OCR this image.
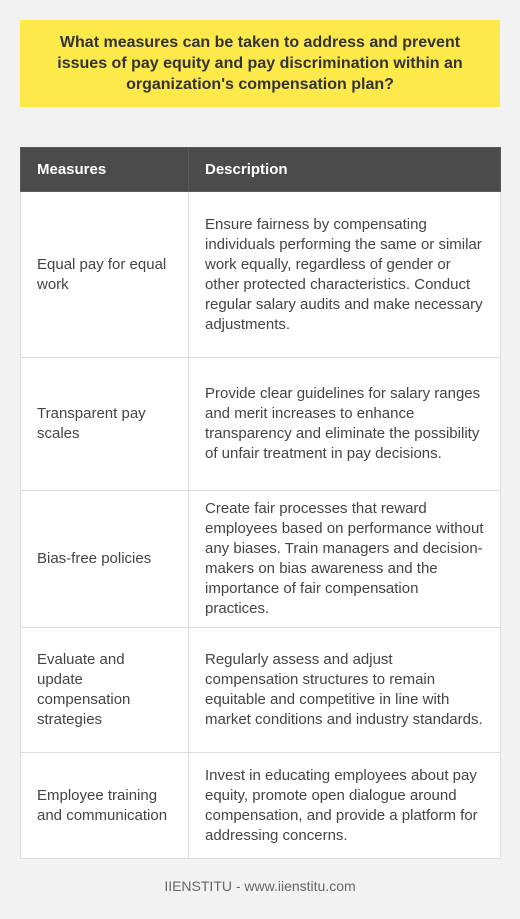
What measures can be taken to address and prevent issues of pay equity and pay discrimination within an organization's compensation plan?
Measures	Description
Equal pay for equal work	Ensure fairness by compensating individuals performing the same or similar work equally, regardless of gender or other protected characteristics. Conduct regular salary audits and make necessary adjustments.
Transparent pay scales	Provide clear guidelines for salary ranges and merit increases to enhance transparency and eliminate the possibility of unfair treatment in pay decisions.
Bias-free policies	Create fair processes that reward employees based on performance without any biases. Train managers and decision-makers on bias awareness and the importance of fair compensation practices.
Evaluate and update compensation strategies	Regularly assess and adjust compensation structures to remain equitable and competitive in line with market conditions and industry standards.
Employee training and communication	Invest in educating employees about pay equity, promote open dialogue around compensation, and provide a platform for addressing concerns.
IIENSTITU - www.iienstitu.com
